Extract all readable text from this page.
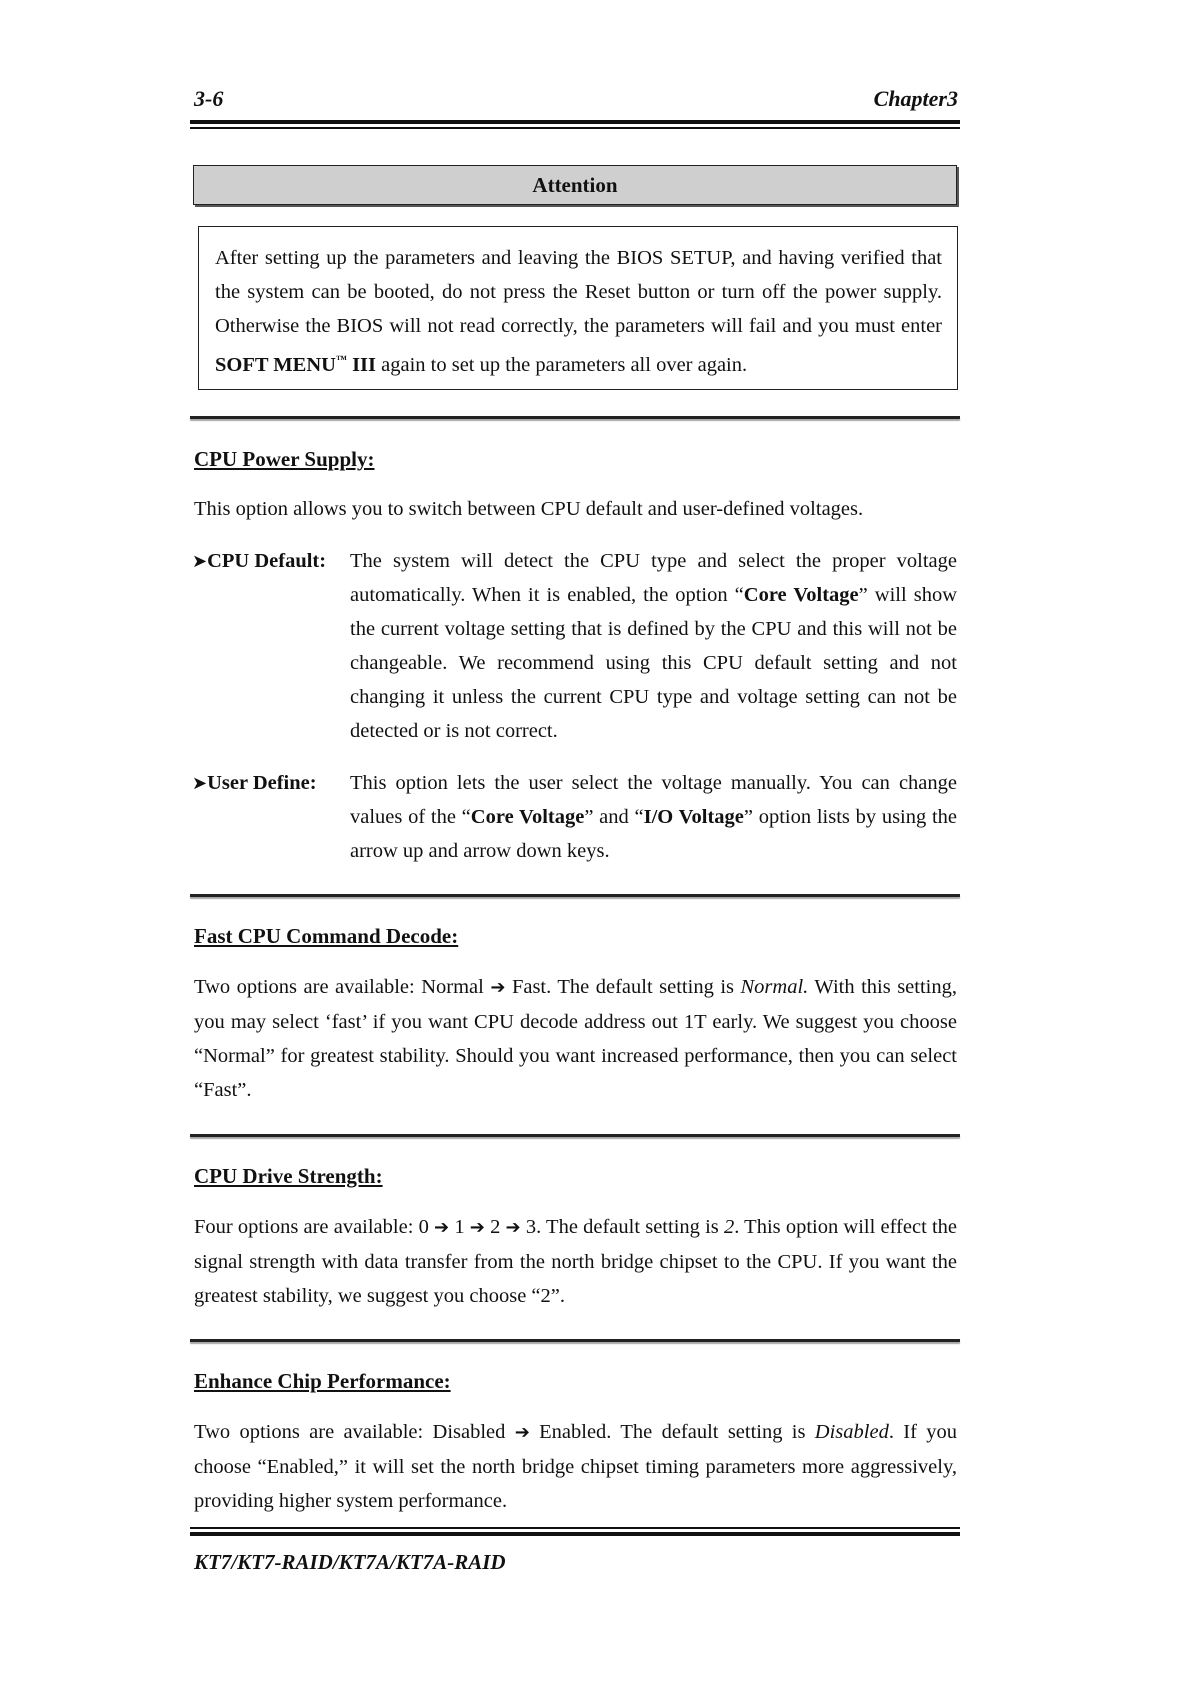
3-6	Chapter3
Attention
After setting up the parameters and leaving the BIOS SETUP, and having verified that the system can be booted, do not press the Reset button or turn off the power supply. Otherwise the BIOS will not read correctly, the parameters will fail and you must enter SOFT MENU™ III again to set up the parameters all over again.
CPU Power Supply:
This option allows you to switch between CPU default and user-defined voltages.
➤CPU Default: The system will detect the CPU type and select the proper voltage automatically. When it is enabled, the option “Core Voltage” will show the current voltage setting that is defined by the CPU and this will not be changeable. We recommend using this CPU default setting and not changing it unless the current CPU type and voltage setting can not be detected or is not correct.
➤User Define: This option lets the user select the voltage manually. You can change values of the “Core Voltage” and “I/O Voltage” option lists by using the arrow up and arrow down keys.
Fast CPU Command Decode:
Two options are available: Normal ➔ Fast. The default setting is Normal. With this setting, you may select ‘fast’ if you want CPU decode address out 1T early. We suggest you choose “Normal” for greatest stability. Should you want increased performance, then you can select “Fast”.
CPU Drive Strength:
Four options are available: 0 ➔ 1 ➔ 2 ➔ 3. The default setting is 2. This option will effect the signal strength with data transfer from the north bridge chipset to the CPU. If you want the greatest stability, we suggest you choose “2”.
Enhance Chip Performance:
Two options are available: Disabled ➔ Enabled. The default setting is Disabled. If you choose “Enabled,” it will set the north bridge chipset timing parameters more aggressively, providing higher system performance.
KT7/KT7-RAID/KT7A/KT7A-RAID
